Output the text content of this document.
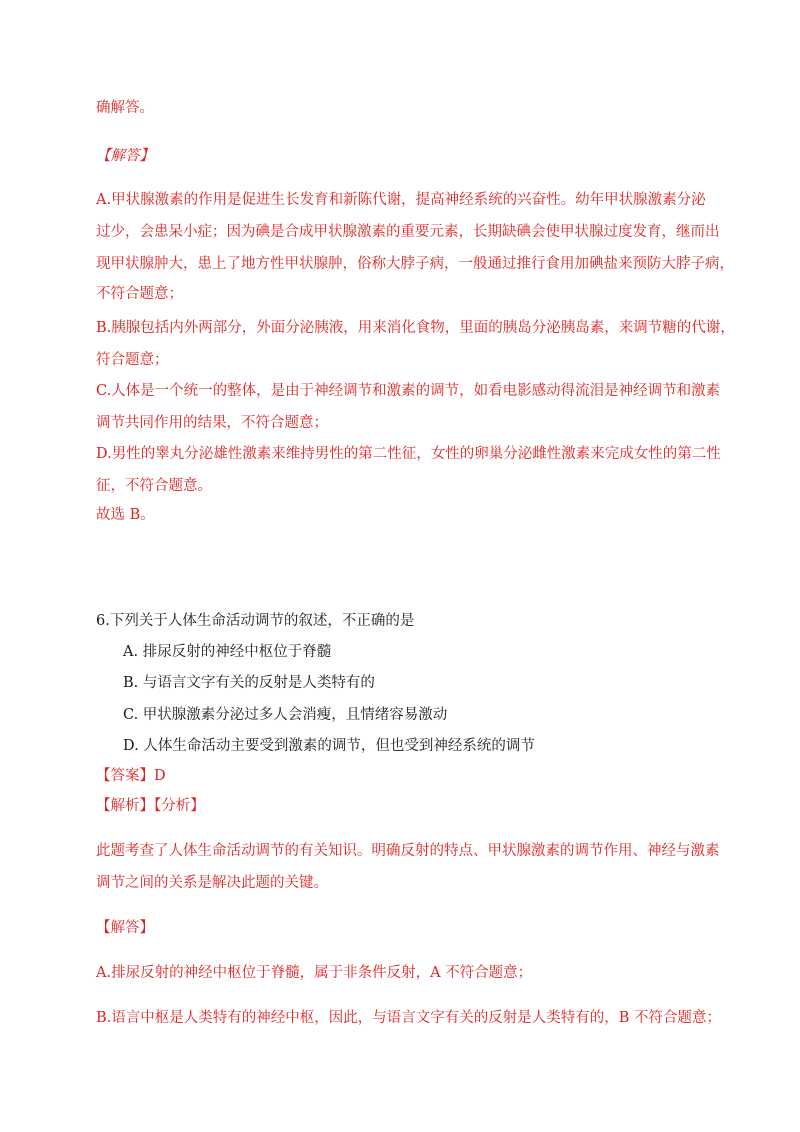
确解答。
【解答】
A.甲状腺激素的作用是促进生长发育和新陈代谢，提高神经系统的兴奋性。幼年甲状腺激素分泌
过少，会患呆小症；因为碘是合成甲状腺激素的重要元素，长期缺碘会使甲状腺过度发育，继而出
现甲状腺肿大，患上了地方性甲状腺肿，俗称大脖子病，一般通过推行食用加碘盐来预防大脖子病，
不符合题意；
B.胰腺包括内外两部分，外面分泌胰液，用来消化食物，里面的胰岛分泌胰岛素，来调节糖的代谢，
符合题意；
C.人体是一个统一的整体，是由于神经调节和激素的调节，如看电影感动得流泪是神经调节和激素
调节共同作用的结果，不符合题意；
D.男性的睾丸分泌雄性激素来维持男性的第二性征，女性的卵巢分泌雌性激素来完成女性的第二性
征，不符合题意。
故选 B。
6.下列关于人体生命活动调节的叙述，不正确的是
A. 排尿反射的神经中枢位于脊髓
B. 与语言文字有关的反射是人类特有的
C. 甲状腺激素分泌过多人会消瘦，且情绪容易激动
D. 人体生命活动主要受到激素的调节，但也受到神经系统的调节
【答案】D
【解析】【分析】
此题考查了人体生命活动调节的有关知识。明确反射的特点、甲状腺激素的调节作用、神经与激素
调节之间的关系是解决此题的关键。
【解答】
A.排尿反射的神经中枢位于脊髓，属于非条件反射，A 不符合题意；
B.语言中枢是人类特有的神经中枢，因此，与语言文字有关的反射是人类特有的，B 不符合题意；
